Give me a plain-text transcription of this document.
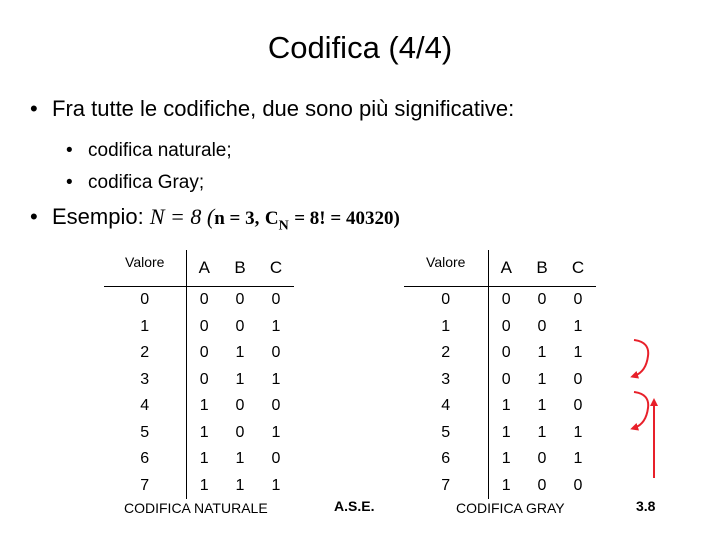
Codifica (4/4)
• Fra tutte le codifiche, due sono più significative:
• codifica naturale;
• codifica Gray;
• Esempio: N = 8 (n = 3, $C_N = 8$! = 40320)
Valore	A	B	C
0	0	0	0
1	0	0	1
2	0	1	0
3	0	1	1
4	1	0	0
5	1	0	1
6	1	1	0
7	1	1	1
Valore	A	B	C
0	0	0	0
1	0	0	1
2	0	1	1
3	0	1	0
4	1	1	0
5	1	1	1
6	1	0	1
7	1	0	0
CODIFICA NATURALE	A.S.E.	CODIFICA GRAY	3.8
